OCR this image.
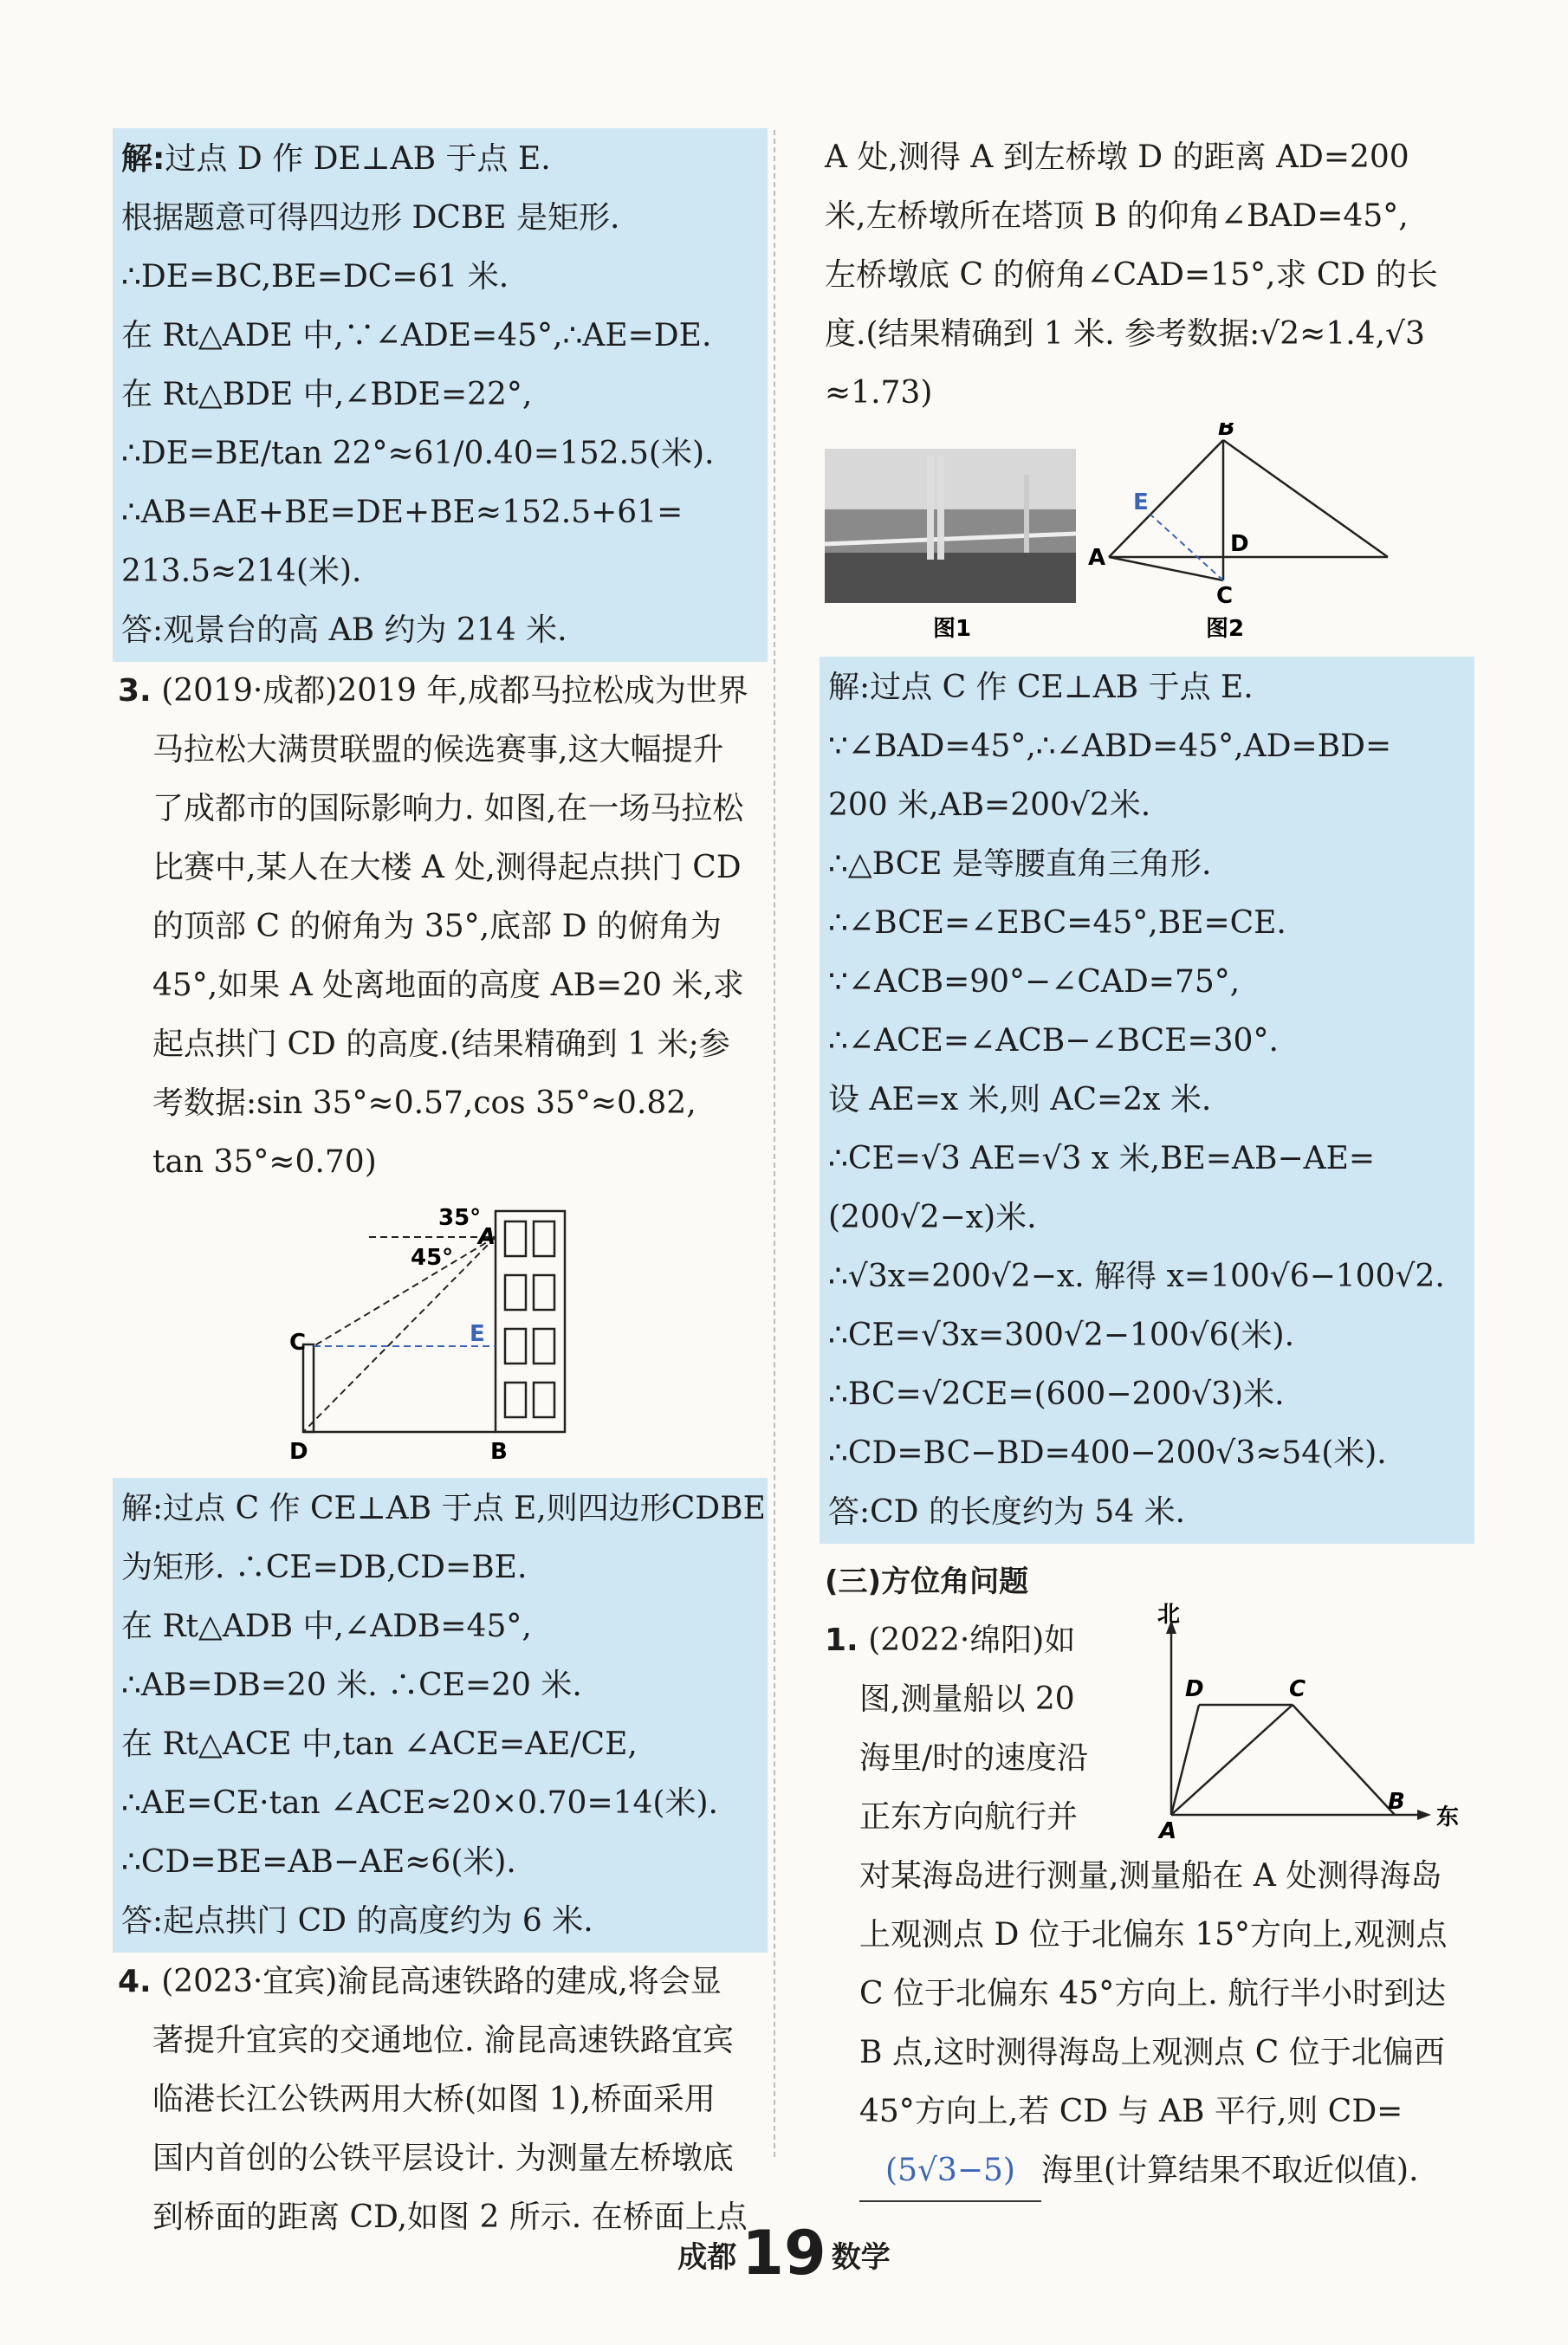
解:过点 D 作 DE⊥AB 于点 E.
根据题意可得四边形 DCBE 是矩形.
∴DE=BC,BE=DC=61 米.
在 Rt△ADE 中,∵∠ADE=45°,∴AE=DE.
在 Rt△BDE 中,∠BDE=22°,
∴DE=BE/tan 22°≈61/0.40=152.5(米).
∴AB=AE+BE=DE+BE≈152.5+61=
213.5≈214(米).
答:观景台的高 AB 约为 214 米.
3. (2019·成都)2019 年,成都马拉松成为世界
马拉松大满贯联盟的候选赛事,这大幅提升
了成都市的国际影响力. 如图,在一场马拉松
比赛中,某人在大楼 A 处,测得起点拱门 CD
的顶部 C 的俯角为 35°,底部 D 的俯角为
45°,如果 A 处离地面的高度 AB=20 米,求
起点拱门 CD 的高度.(结果精确到 1 米;参
考数据:sin 35°≈0.57,cos 35°≈0.82,
tan 35°≈0.70)
35°
45°
A
C
D
E
B
解:过点 C 作 CE⊥AB 于点 E,则四边形CDBE
为矩形. ∴CE=DB,CD=BE.
在 Rt△ADB 中,∠ADB=45°,
∴AB=DB=20 米. ∴CE=20 米.
在 Rt△ACE 中,tan ∠ACE=AE/CE,
∴AE=CE·tan ∠ACE≈20×0.70=14(米).
∴CD=BE=AB−AE≈6(米).
答:起点拱门 CD 的高度约为 6 米.
4. (2023·宜宾)渝昆高速铁路的建成,将会显
著提升宜宾的交通地位. 渝昆高速铁路宜宾
临港长江公铁两用大桥(如图 1),桥面采用
国内首创的公铁平层设计. 为测量左桥墩底
到桥面的距离 CD,如图 2 所示. 在桥面上点
A 处,测得 A 到左桥墩 D 的距离 AD=200
米,左桥墩所在塔顶 B 的仰角∠BAD=45°,
左桥墩底 C 的俯角∠CAD=15°,求 CD 的长
度.(结果精确到 1 米. 参考数据:√2≈1.4,√3
≈1.73)
图1
B
E
A
D
C
图2
解:过点 C 作 CE⊥AB 于点 E.
∵∠BAD=45°,∴∠ABD=45°,AD=BD=
200 米,AB=200√2米.
∴△BCE 是等腰直角三角形.
∴∠BCE=∠EBC=45°,BE=CE.
∵∠ACB=90°−∠CAD=75°,
∴∠ACE=∠ACB−∠BCE=30°.
设 AE=x 米,则 AC=2x 米.
∴CE=√3 AE=√3 x 米,BE=AB−AE=
(200√2−x)米.
∴√3x=200√2−x. 解得 x=100√6−100√2.
∴CE=√3x=300√2−100√6(米).
∴BC=√2CE=(600−200√3)米.
∴CD=BC−BD=400−200√3≈54(米).
答:CD 的长度约为 54 米.
(三)方位角问题
1. (2022·绵阳)如
图,测量船以 20
海里/时的速度沿
正东方向航行并
北
东
D	C
A
B
对某海岛进行测量,测量船在 A 处测得海岛
上观测点 D 位于北偏东 15°方向上,观测点
C 位于北偏东 45°方向上. 航行半小时到达
B 点,这时测得海岛上观测点 C 位于北偏西
45°方向上,若 CD 与 AB 平行,则 CD=
(5√3−5) 海里(计算结果不取近似值).
成都19 数学
